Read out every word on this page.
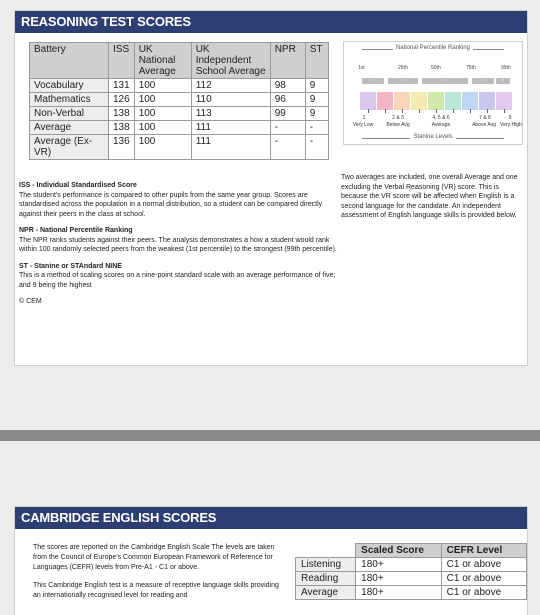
REASONING TEST SCORES
Battery	ISS	UK National Average	UK Independent School Average	NPR	ST
Vocabulary	131	100	112	98	9
Mathematics	126	100	110	96	9
Non-Verbal	138	100	113	99	9
Average	138	100	111	-	-
Average (Ex-VR)	136	100	111	-	-
National Percentile Ranking
1st	25th	50th	75th	99th
1	2	3	4	5
1	2 & 3	4, 5 & 6	7 & 8	9
Very Low	Below Avg	Average	Above Avg Very High
Stanine Levels

ISS - Individual Standardised Score
The student's performance is compared to other pupils from the same year group. Scores are standardised across the population in a normal distribution, so a student can be compared directly against their peers in the class at school.

NPR - National Percentile Ranking
The NPR ranks students against their peers. The analysis demonstrates a how a student would rank within 100 randomly selected peers from the weakest (1st percentile) to the strongest (99th percentile).

ST - Stanine or STAndard NINE
This is a method of scaling scores on a nine-point standard scale with an average performance of five; and 9 being the highest

© CEM

Two averages are included, one overall Average and one excluding the Verbal Reasoning (VR) score. This is because the VR score will be affected when English is a second language for the candidate. An independent assessment of English language skills is provided below.
CAMBRIDGE ENGLISH SCORES

The scores are reported on the Cambridge English Scale The levels are taken from the Council of Europe's Common European Framework of Reference for Languages (CEFR) levels from Pre-A1 - C1 or above.

This Cambridge English test is a measure of receptive language skills providing an internationally recognised level for reading and

	Scaled Score	CEFR Level
Listening	180+	C1 or above
Reading	180+	C1 or above
Average	180+	C1 or above
